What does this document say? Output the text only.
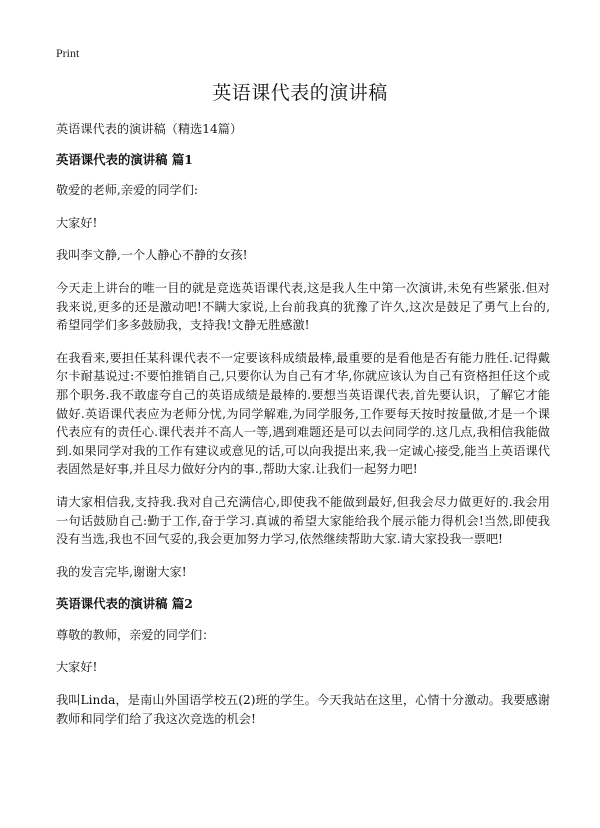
Print
英语课代表的演讲稿

英语课代表的演讲稿（精选14篇）

英语课代表的演讲稿 篇1

敬爱的老师,亲爱的同学们:

大家好!

我叫李文静,一个人静心不静的女孩!

今天走上讲台的唯一目的就是竞选英语课代表,这是我人生中第一次演讲,未免有些紧张.但对我来说,更多的还是激动吧!不瞒大家说,上台前我真的犹豫了许久,这次是鼓足了勇气上台的,希望同学们多多鼓励我，支持我!文静无胜感激!

在我看来,要担任某科课代表不一定要该科成绩最棒,最重要的是看他是否有能力胜任.记得戴尔卡耐基说过:不要怕推销自己,只要你认为自己有才华,你就应该认为自己有资格担任这个或那个职务.我不敢虚夸自己的英语成绩是最棒的.要想当英语课代表,首先要认识，了解它才能做好.英语课代表应为老师分忧,为同学解难,为同学服务,工作要每天按时按量做,才是一个课代表应有的责任心.课代表并不高人一等,遇到难题还是可以去问同学的.这几点,我相信我能做到.如果同学对我的工作有建议或意见的话,可以向我提出来,我一定诚心接受,能当上英语课代表固然是好事,并且尽力做好分内的事.,帮助大家.让我们一起努力吧!

请大家相信我,支持我.我对自己充满信心,即使我不能做到最好,但我会尽力做更好的.我会用一句话鼓励自己:勤于工作,奋于学习.真诚的希望大家能给我个展示能力得机会!当然,即使我没有当选,我也不回气妥的,我会更加努力学习,依然继续帮助大家.请大家投我一票吧!

我的发言完毕,谢谢大家!

英语课代表的演讲稿 篇2

尊敬的教师，亲爱的同学们：

大家好!

我叫Linda，是南山外国语学校五(2)班的学生。今天我站在这里，心情十分激动。我要感谢教师和同学们给了我这次竞选的机会!
